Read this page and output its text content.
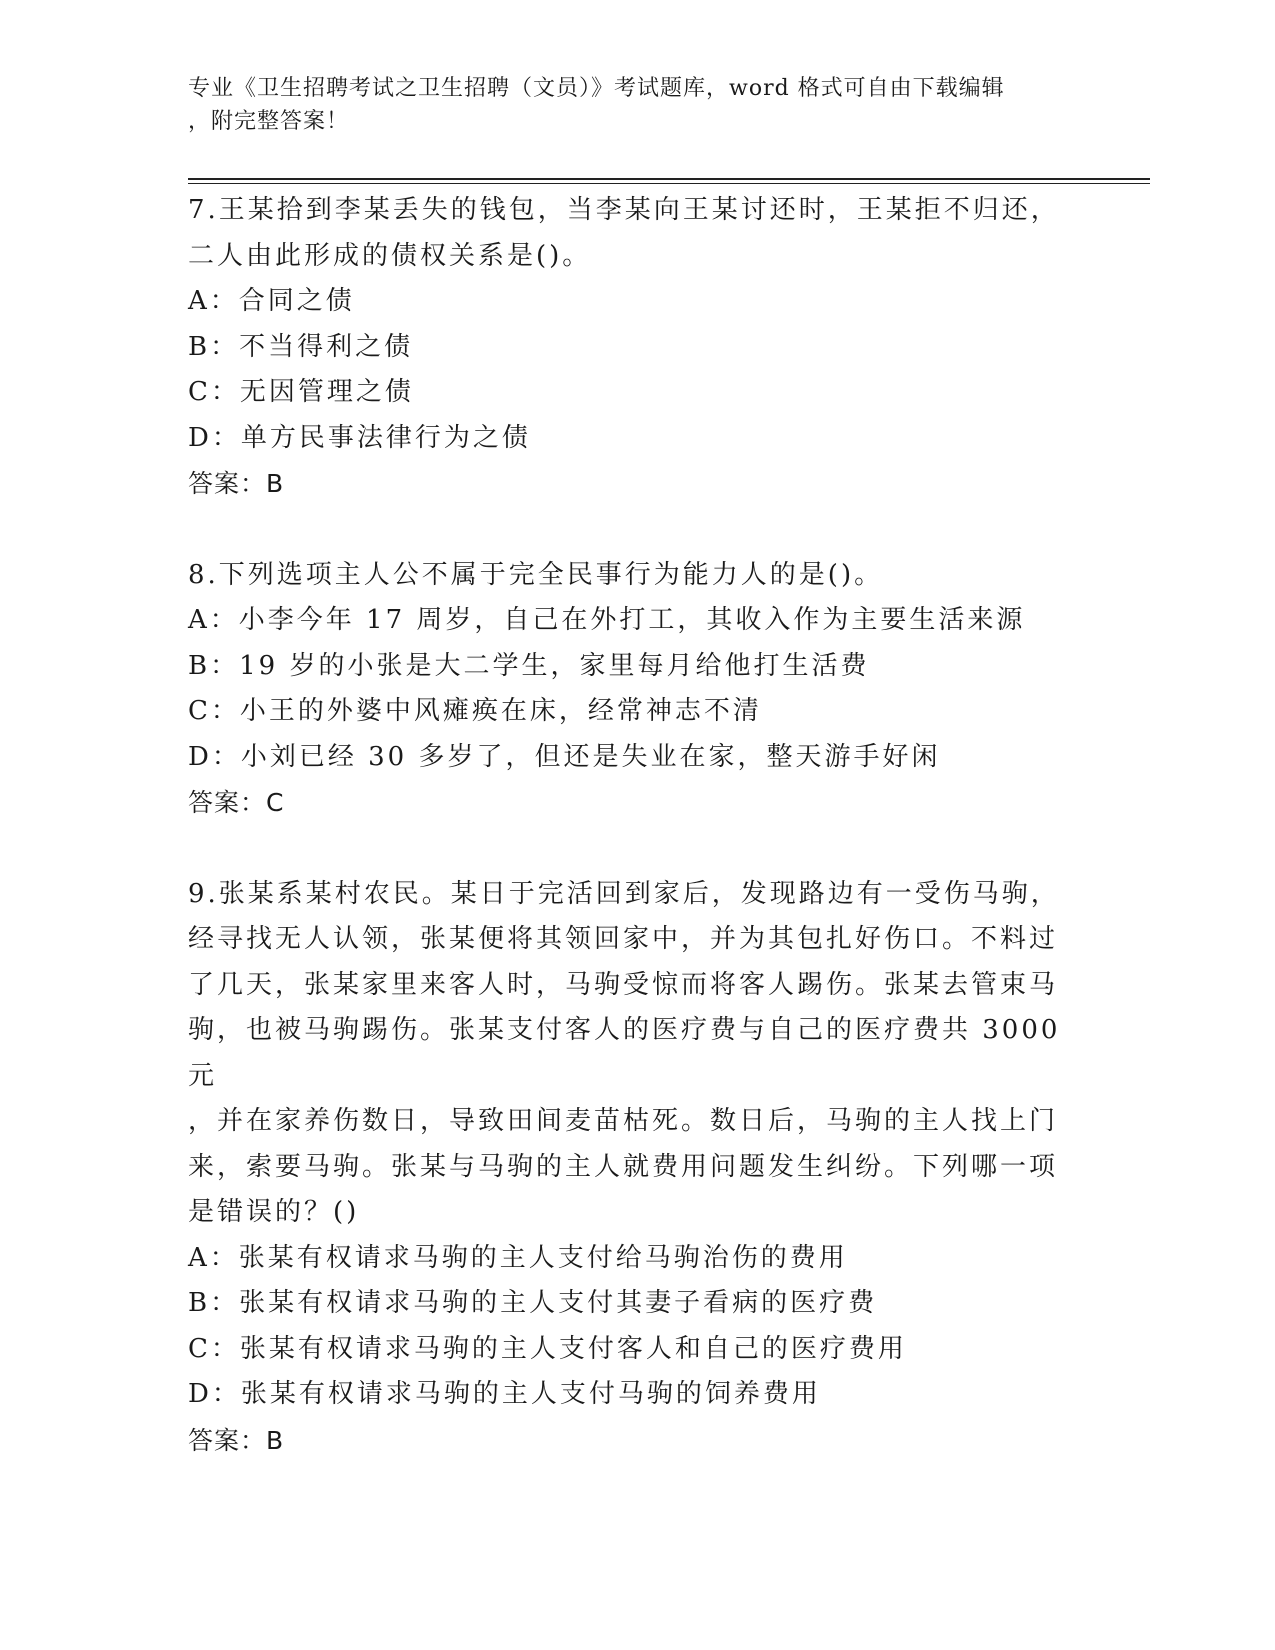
专业《卫生招聘考试之卫生招聘（文员）》考试题库，word 格式可自由下载编辑
，附完整答案！
7.王某拾到李某丢失的钱包，当李某向王某讨还时，王某拒不归还，
二人由此形成的债权关系是()。
A：合同之债
B：不当得利之债
C：无因管理之债
D：单方民事法律行为之债
答案：B
8.下列选项主人公不属于完全民事行为能力人的是()。
A：小李今年 17 周岁，自己在外打工，其收入作为主要生活来源
B：19 岁的小张是大二学生，家里每月给他打生活费
C：小王的外婆中风瘫痪在床，经常神志不清
D：小刘已经 30 多岁了，但还是失业在家，整天游手好闲
答案：C
9.张某系某村农民。某日于完活回到家后，发现路边有一受伤马驹，
经寻找无人认领，张某便将其领回家中，并为其包扎好伤口。不料过
了几天，张某家里来客人时，马驹受惊而将客人踢伤。张某去管束马
驹，也被马驹踢伤。张某支付客人的医疗费与自己的医疗费共 3000 元
，并在家养伤数日，导致田间麦苗枯死。数日后，马驹的主人找上门
来，索要马驹。张某与马驹的主人就费用问题发生纠纷。下列哪一项
是错误的？()
A：张某有权请求马驹的主人支付给马驹治伤的费用
B：张某有权请求马驹的主人支付其妻子看病的医疗费
C：张某有权请求马驹的主人支付客人和自己的医疗费用
D：张某有权请求马驹的主人支付马驹的饲养费用
答案：B
